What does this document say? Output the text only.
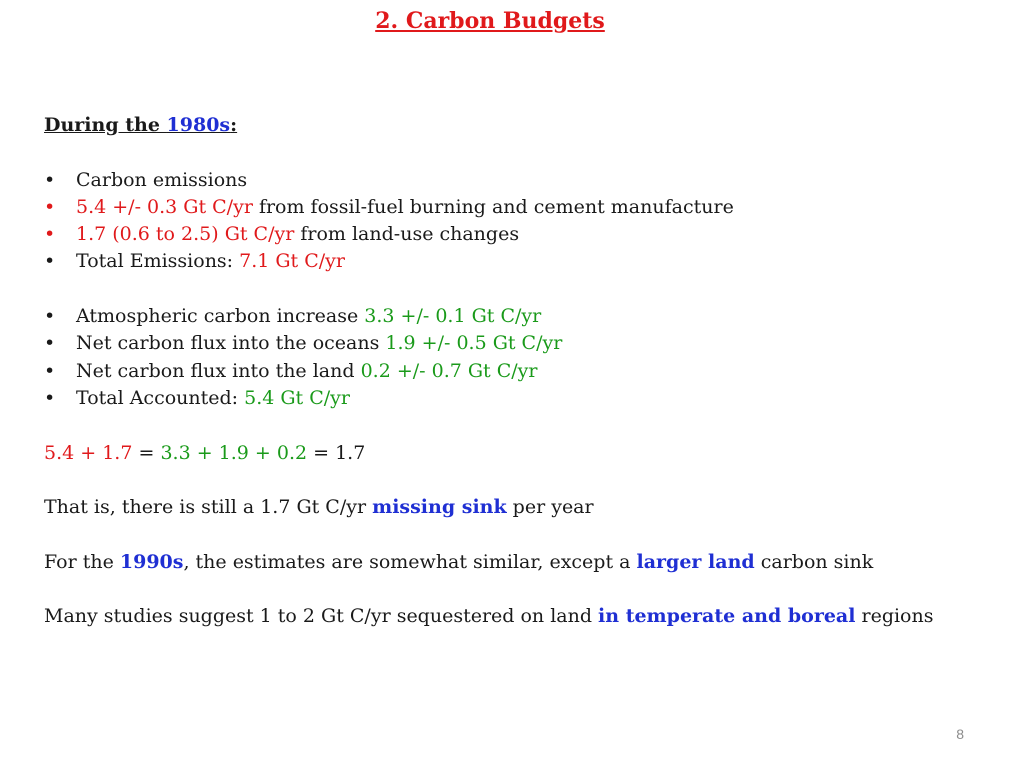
2. Carbon Budgets
During the 1980s:
• Carbon emissions
• 5.4 +/- 0.3 Gt C/yr from fossil-fuel burning and cement manufacture
• 1.7 (0.6 to 2.5) Gt C/yr from land-use changes
• Total Emissions: 7.1 Gt C/yr
• Atmospheric carbon increase 3.3 +/- 0.1 Gt C/yr
• Net carbon flux into the oceans 1.9 +/- 0.5 Gt C/yr
• Net carbon flux into the land 0.2 +/- 0.7 Gt C/yr
• Total Accounted: 5.4 Gt C/yr
5.4 + 1.7 = 3.3 + 1.9 + 0.2 = 1.7
That is, there is still a 1.7 Gt C/yr missing sink per year
For the 1990s, the estimates are somewhat similar, except a larger land carbon sink
Many studies suggest 1 to 2 Gt C/yr sequestered on land in temperate and boreal regions
8
